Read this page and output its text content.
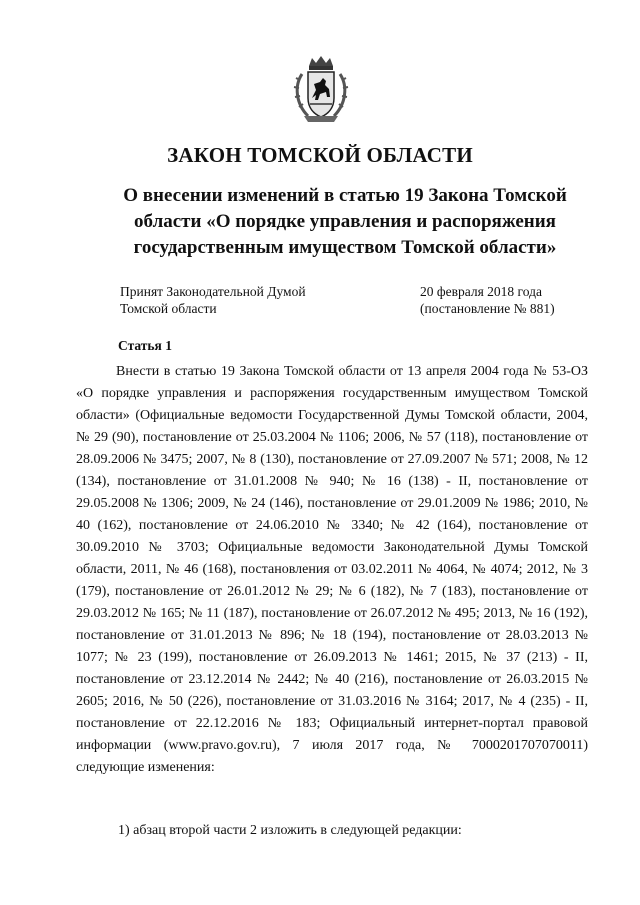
ЗАКОН ТОМСКОЙ ОБЛАСТИ
О внесении изменений в статью 19 Закона Томской
области «О порядке управления и распоряжения
государственным имуществом Томской области»
Принят Законодательной Думой
Томской области
20 февраля 2018 года
(постановление № 881)
Статья 1

Внести в статью 19 Закона Томской области от 13 апреля 2004 года № 53-ОЗ «О порядке управления и распоряжения государственным имуществом Томской области» (Официальные ведомости Государственной Думы Томской области, 2004, № 29 (90), постановление от 25.03.2004 № 1106; 2006, № 57 (118), постановление от 28.09.2006 № 3475; 2007, № 8 (130), постановление от 27.09.2007 № 571; 2008, № 12 (134), постановление от 31.01.2008 № 940; № 16 (138) - II, постановление от 29.05.2008 № 1306; 2009, № 24 (146), постановление от 29.01.2009 № 1986; 2010, № 40 (162), постановление от 24.06.2010 № 3340; № 42 (164), постановление от 30.09.2010 № 3703; Официальные ведомости Законодательной Думы Томской области, 2011, № 46 (168), постановления от 03.02.2011 № 4064, № 4074; 2012, № 3 (179), постановление от 26.01.2012 № 29; № 6 (182), № 7 (183), постановление от 29.03.2012 № 165; № 11 (187), постановление от 26.07.2012 № 495; 2013, № 16 (192), постановление от 31.01.2013 № 896; № 18 (194), постановление от 28.03.2013 № 1077; № 23 (199), постановление от 26.09.2013 № 1461; 2015, № 37 (213) - II, постановление от 23.12.2014 № 2442; № 40 (216), постановление от 26.03.2015 № 2605; 2016, № 50 (226), постановление от 31.03.2016 № 3164; 2017, № 4 (235) - II, постановление от 22.12.2016 № 183; Официальный интернет-портал правовой информации (www.pravo.gov.ru), 7 июля 2017 года, № 7000201707070011) следующие изменения:

1) абзац второй части 2 изложить в следующей редакции:
